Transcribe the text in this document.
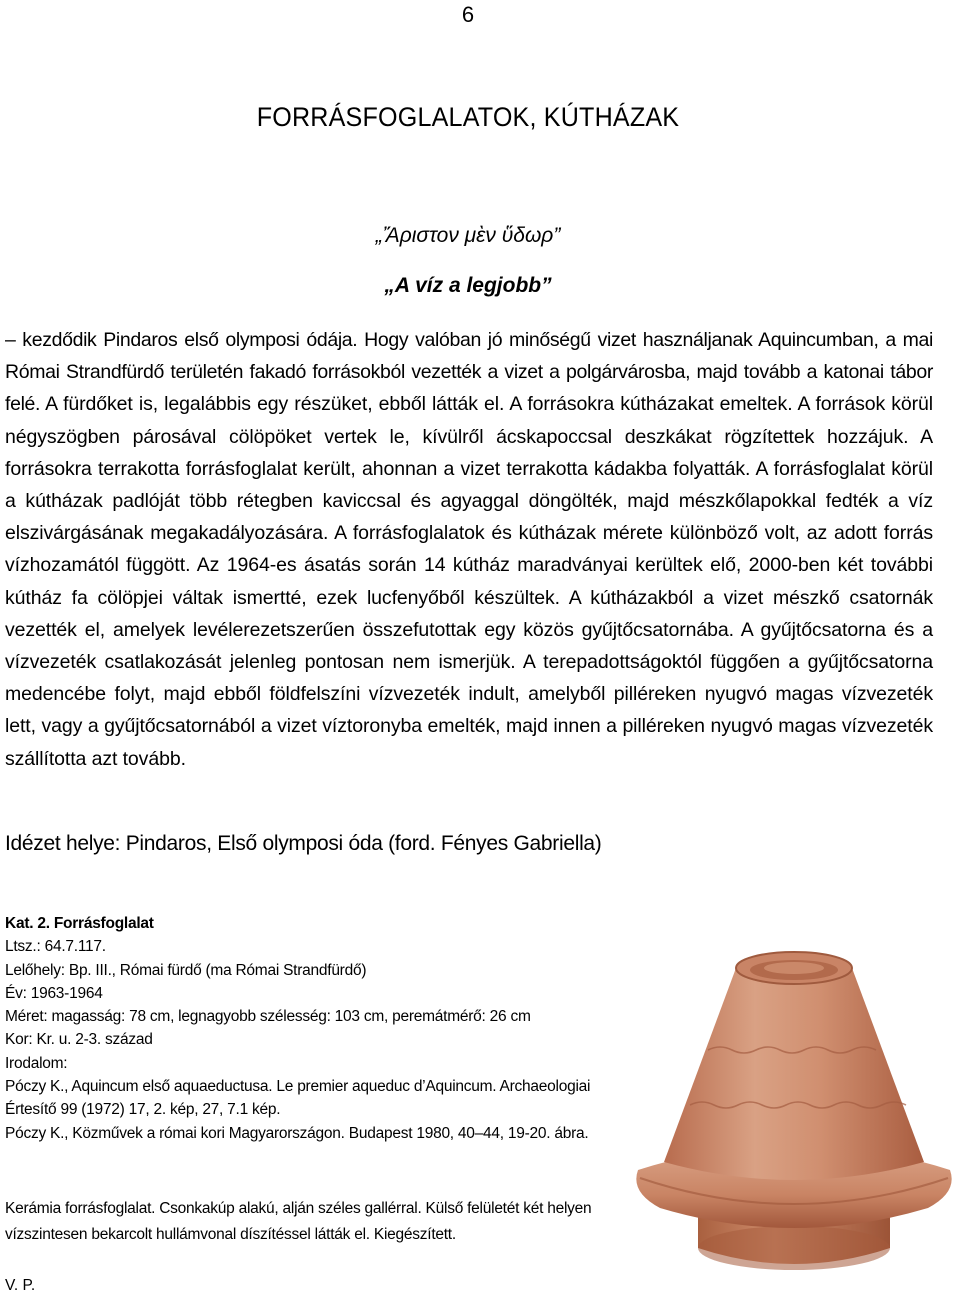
6
FORRÁSFOGLALATOK, KÚTHÁZAK
„Ἄριστον μὲν ὕδωρ”
„A víz a legjobb”
– kezdődik Pindaros első olymposi ódája. Hogy valóban jó minőségű vizet használjanak Aquincumban, a mai Római Strandfürdő területén fakadó forrásokból vezették a vizet a polgárvárosba, majd tovább a katonai tábor felé. A fürdőket is, legalábbis egy részüket, ebből látták el. A forrásokra kútházakat emeltek. A források körül négyszögben párosával cölöpöket vertek le, kívülről ácskapoccsal deszkákat rögzítettek hozzájuk. A forrásokra terrakotta forrásfoglalat került, ahonnan a vizet terrakotta kádakba folyatták. A forrásfoglalat körül a kútházak padlóját több rétegben kaviccsal és agyaggal döngölték, majd mészkőlapokkal fedték a víz elszivárgásának megakadályozására. A forrásfoglalatok és kútházak mérete különböző volt, az adott forrás vízhozamától függött. Az 1964-es ásatás során 14 kútház maradványai kerültek elő, 2000-ben két további kútház fa cölöpjei váltak ismertté, ezek lucfenyőből készültek. A kútházakból a vizet mészkő csatornák vezették el, amelyek levélerezetszerűen összefutottak egy közös gyűjtőcsatornába. A gyűjtőcsatorna és a vízvezeték csatlakozását jelenleg pontosan nem ismerjük. A terepadottságoktól függően a gyűjtőcsatorna medencébe folyt, majd ebből földfelszíni vízvezeték indult, amelyből pilléreken nyugvó magas vízvezeték lett, vagy a gyűjtőcsatornából a vizet víztoronyba emelték, majd innen a pilléreken nyugvó magas vízvezeték szállította azt tovább.
Idézet helye: Pindaros, Első olymposi óda (ford. Fényes Gabriella)
Kat. 2. Forrásfoglalat
Ltsz.: 64.7.117.
Lelőhely: Bp. III., Római fürdő (ma Római Strandfürdő)
Év: 1963-1964
Méret: magasság: 78 cm, legnagyobb szélesség: 103 cm, peremátmérő: 26 cm
Kor: Kr. u. 2-3. század
Irodalom:
Póczy K., Aquincum első aquaeductusa. Le premier aqueduc d’Aquincum. Archaeologiai Értesítő 99 (1972) 17, 2. kép, 27, 7.1 kép.
Póczy K., Közművek a római kori Magyarországon. Budapest 1980, 40–44, 19-20. ábra.
Kerámia forrásfoglalat. Csonkakúp alakú, alján széles gallérral. Külső felületét két helyen vízszintesen bekarcolt hullámvonal díszítéssel látták el. Kiegészített.
V. P.
